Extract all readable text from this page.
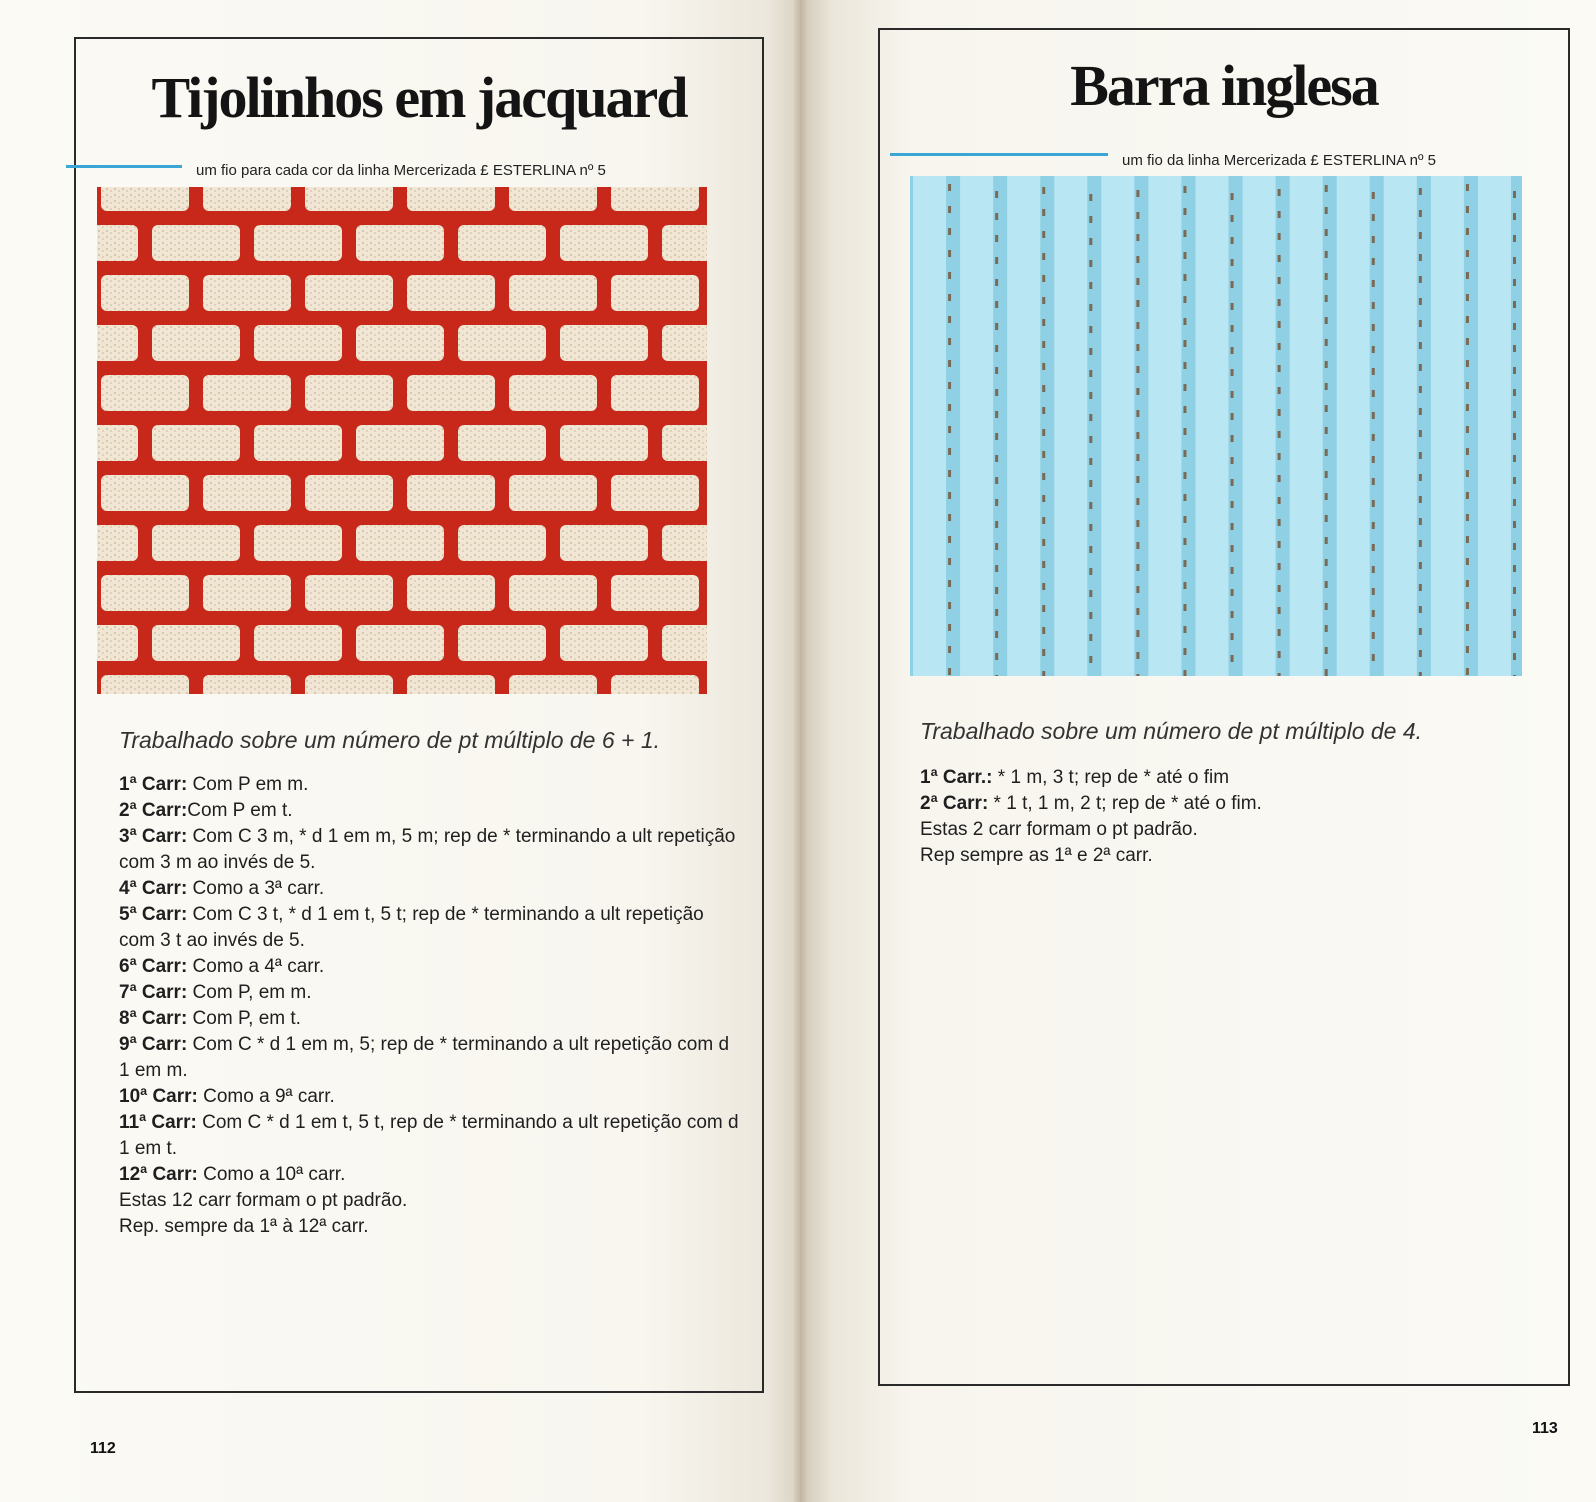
Tijolinhos em jacquard
um fio para cada cor da linha Mercerizada £ ESTERLINA nº 5

Trabalhado sobre um número de pt múltiplo de 6 + 1.

1ª Carr: Com P em m.
2ª Carr:Com P em t.
3ª Carr: Com C 3 m, * d 1 em m, 5 m; rep de * terminando a ult repetição com 3 m ao invés de 5.
4ª Carr: Como a 3ª carr.
5ª Carr: Com C 3 t, * d 1 em t, 5 t; rep de * terminando a ult repetição com 3 t ao invés de 5.
6ª Carr: Como a 4ª carr.
7ª Carr: Com P, em m.
8ª Carr: Com P, em t.
9ª Carr: Com C * d 1 em m, 5; rep de * terminando a ult repetição com d 1 em m.
10ª Carr: Como a 9ª carr.
11ª Carr: Com C * d 1 em t, 5 t, rep de * terminando a ult repetição com d 1 em t.
12ª Carr: Como a 10ª carr.
Estas 12 carr formam o pt padrão.
Rep. sempre da 1ª à 12ª carr.
112
Barra inglesa
um fio da linha Mercerizada £ ESTERLINA nº 5

Trabalhado sobre um número de pt múltiplo de 4.

1ª Carr.: * 1 m, 3 t; rep de * até o fim
2ª Carr: * 1 t, 1 m, 2 t; rep de * até o fim.
Estas 2 carr formam o pt padrão.
Rep sempre as 1ª e 2ª carr.
113
